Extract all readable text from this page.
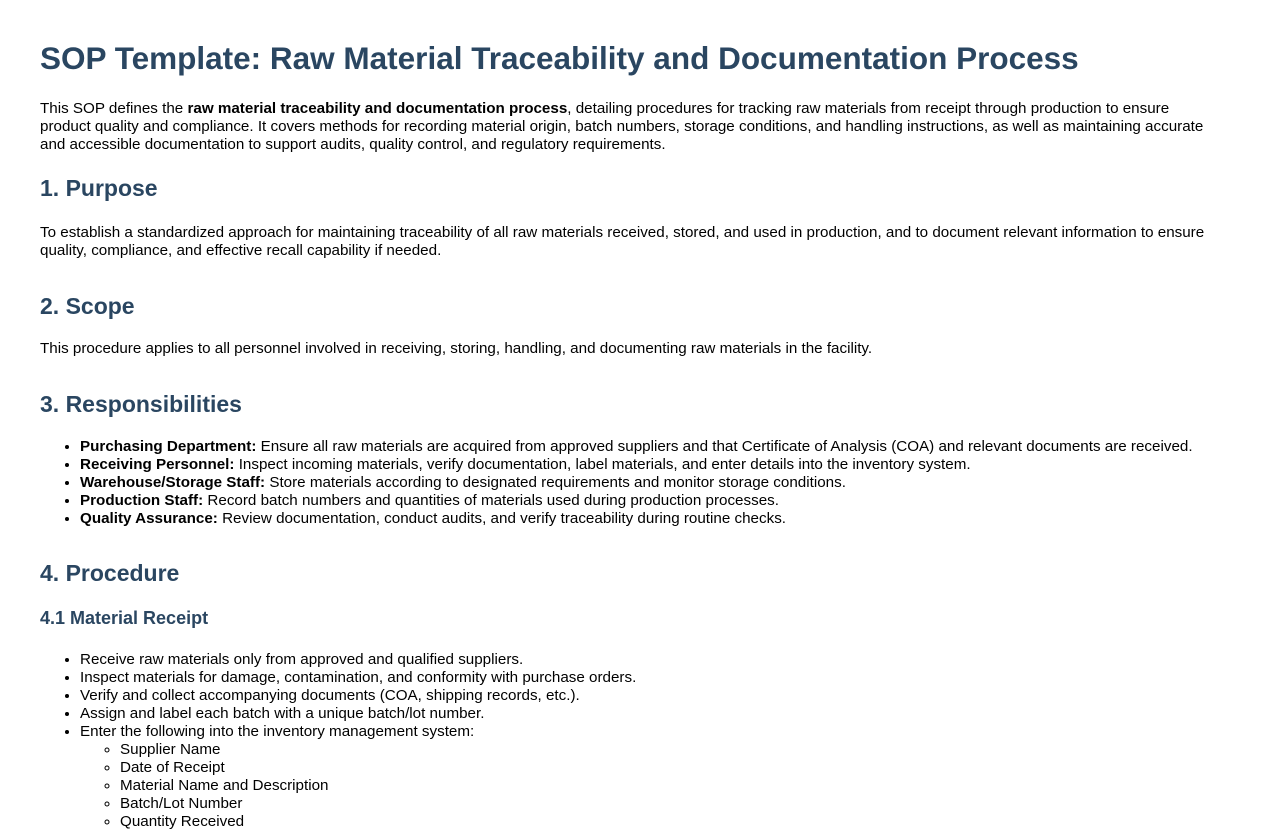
SOP Template: Raw Material Traceability and Documentation Process

This SOP defines the raw material traceability and documentation process, detailing procedures for tracking raw materials from receipt through production to ensure product quality and compliance. It covers methods for recording material origin, batch numbers, storage conditions, and handling instructions, as well as maintaining accurate and accessible documentation to support audits, quality control, and regulatory requirements.

1. Purpose

To establish a standardized approach for maintaining traceability of all raw materials received, stored, and used in production, and to document relevant information to ensure quality, compliance, and effective recall capability if needed.

2. Scope

This procedure applies to all personnel involved in receiving, storing, handling, and documenting raw materials in the facility.

3. Responsibilities
• Purchasing Department: Ensure all raw materials are acquired from approved suppliers and that Certificate of Analysis (COA) and relevant documents are received.
• Receiving Personnel: Inspect incoming materials, verify documentation, label materials, and enter details into the inventory system.
• Warehouse/Storage Staff: Store materials according to designated requirements and monitor storage conditions.
• Production Staff: Record batch numbers and quantities of materials used during production processes.
• Quality Assurance: Review documentation, conduct audits, and verify traceability during routine checks.
4. Procedure
4.1 Material Receipt
• Receive raw materials only from approved and qualified suppliers.
• Inspect materials for damage, contamination, and conformity with purchase orders.
• Verify and collect accompanying documents (COA, shipping records, etc.).
• Assign and label each batch with a unique batch/lot number.
• Enter the following into the inventory management system:
◦ Supplier Name
◦ Date of Receipt
◦ Material Name and Description
◦ Batch/Lot Number
◦ Quantity Received
